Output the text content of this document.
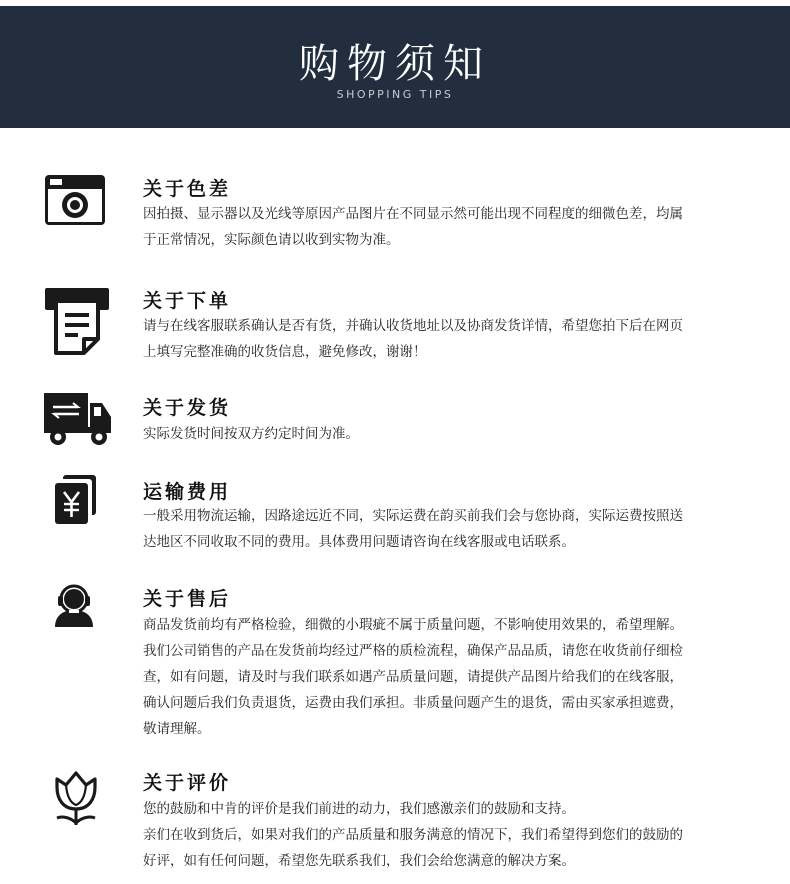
购物须知
SHOPPING TIPS
关于色差

因拍摄、显示器以及光线等原因产品图片在不同显示然可能出现不同程度的细微色差，均属

于正常情况，实际颜色请以收到实物为准。

关于下单

请与在线客服联系确认是否有货，并确认收货地址以及协商发货详情，希望您拍下后在网页

上填写完整准确的收货信息，避免修改，谢谢！

关于发货

实际发货时间按双方约定时间为准。

运输费用

一般采用物流运输，因路途远近不同，实际运费在韵买前我们会与您协商，实际运费按照送

达地区不同收取不同的费用。具体费用问题请咨询在线客服或电话联系。

关于售后

商品发货前均有严格检验，细微的小瑕疵不属于质量问题，不影响使用效果的，希望理解。

我们公司销售的产品在发货前均经过严格的质检流程，确保产品品质，请您在收货前仔细检

查，如有问题，请及时与我们联系如遇产品质量问题，请提供产品图片给我们的在线客服，

确认问题后我们负责退货，运费由我们承担。非质量问题产生的退货，需由买家承担遮费，

敬请理解。

关于评价

您的鼓励和中肯的评价是我们前进的动力，我们感激亲们的鼓励和支持。

亲们在收到货后，如果对我们的产品质量和服务满意的情况下，我们希望得到您们的鼓励的

好评，如有任何问题，希望您先联系我们，我们会给您满意的解决方案。
